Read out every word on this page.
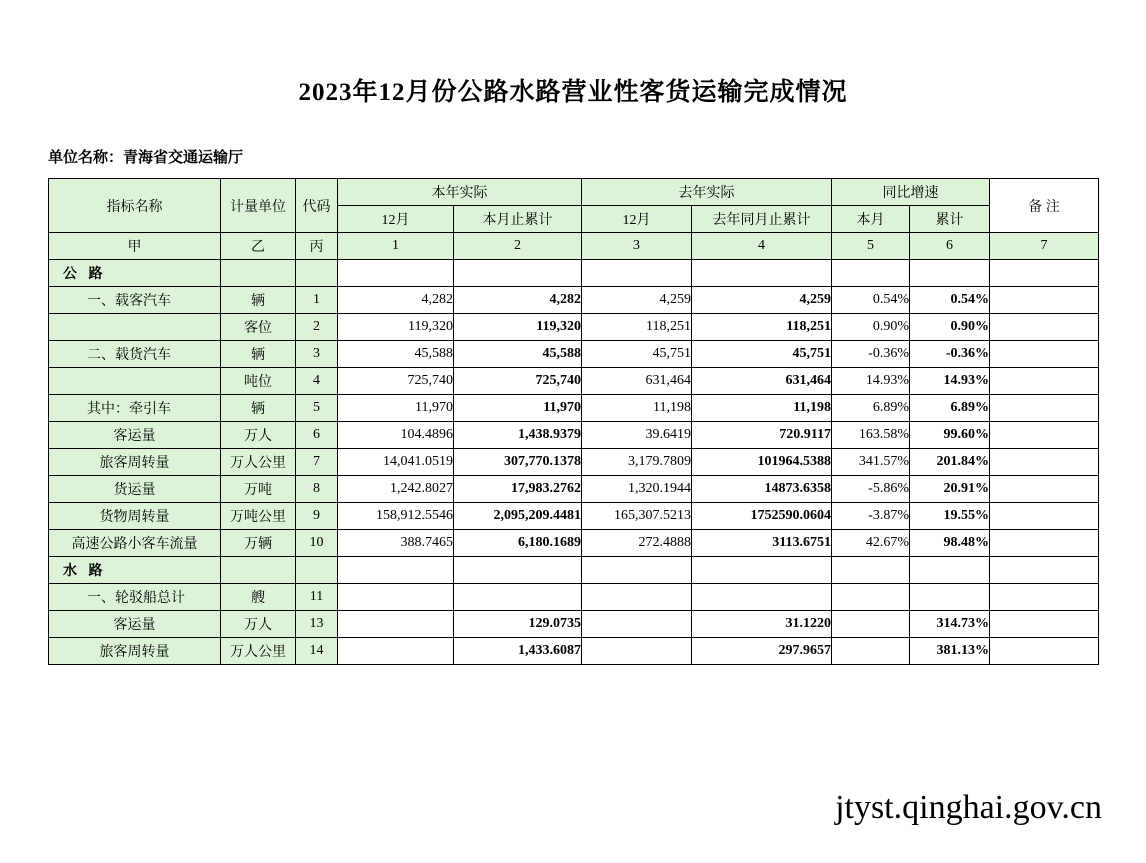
2023年12月份公路水路营业性客货运输完成情况
单位名称：青海省交通运输厅
指标名称	计量单位	代码	本年实际		去年实际		同比增速		备 注
			12月	本月止累计	12月	去年同月止累计	本月	累计	
甲	乙	丙	1	2	3	4	5	6	7
公 路									
一、载客汽车	辆	1	4,282	4,282	4,259	4,259	0.54%	0.54%	
	客位	2	119,320	119,320	118,251	118,251	0.90%	0.90%	
二、载货汽车	辆	3	45,588	45,588	45,751	45,751	-0.36%	-0.36%	
	吨位	4	725,740	725,740	631,464	631,464	14.93%	14.93%	
其中：牵引车	辆	5	11,970	11,970	11,198	11,198	6.89%	6.89%	
客运量	万人	6	104.4896	1,438.9379	39.6419	720.9117	163.58%	99.60%	
旅客周转量	万人公里	7	14,041.0519	307,770.1378	3,179.7809	101964.5388	341.57%	201.84%	
货运量	万吨	8	1,242.8027	17,983.2762	1,320.1944	14873.6358	-5.86%	20.91%	
货物周转量	万吨公里	9	158,912.5546	2,095,209.4481	165,307.5213	1752590.0604	-3.87%	19.55%	
高速公路小客车流量	万辆	10	388.7465	6,180.1689	272.4888	3113.6751	42.67%	98.48%	
水 路									
一、轮驳船总计	艘	11							
客运量	万人	13		129.0735		31.1220		314.73%	
旅客周转量	万人公里	14		1,433.6087		297.9657		381.13%	
jtyst.qinghai.gov.cn
